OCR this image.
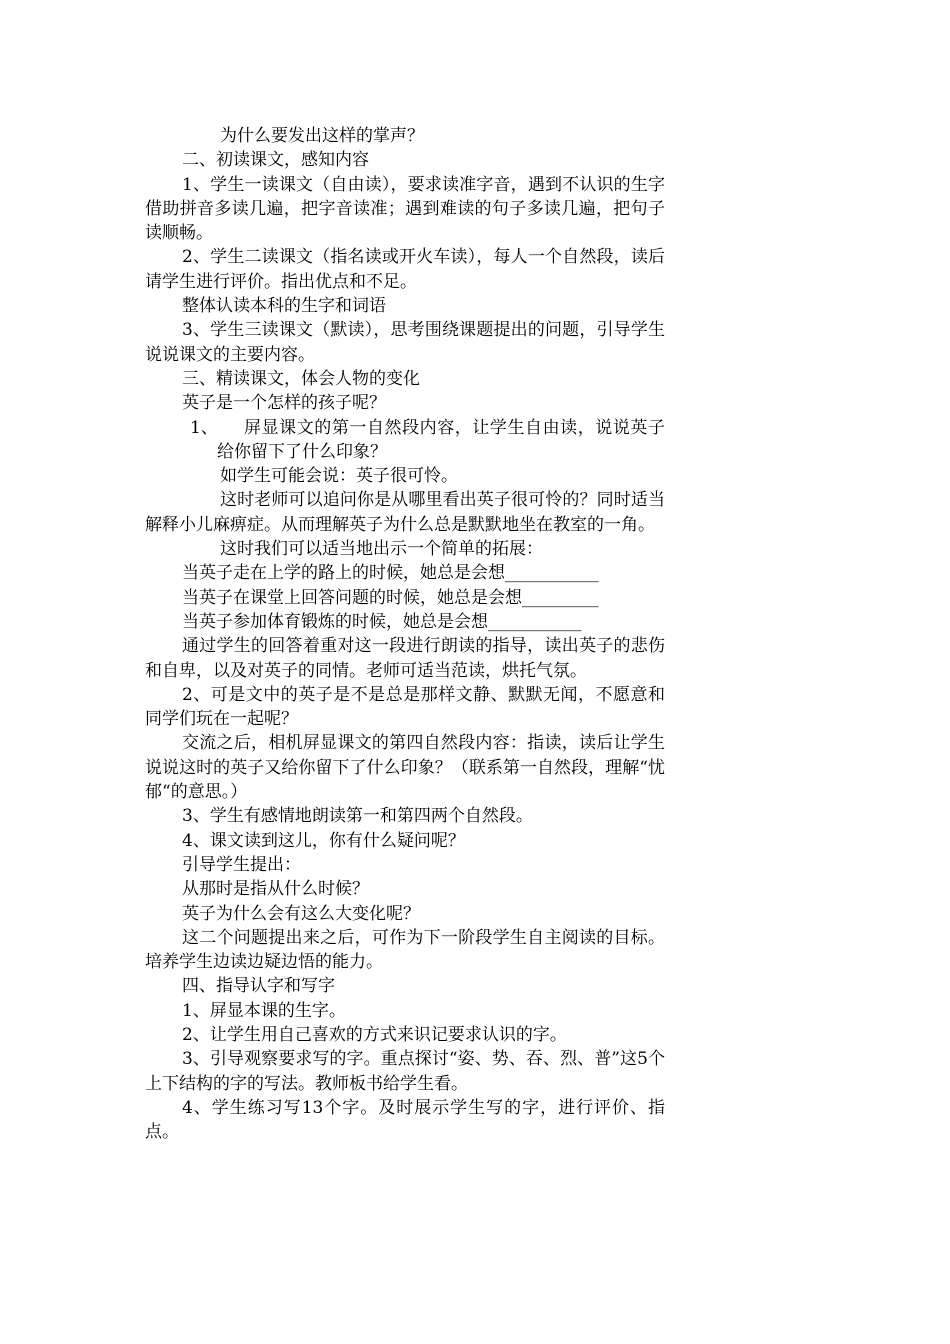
为什么要发出这样的掌声？

二、初读课文，感知内容

1、学生一读课文（自由读），要求读准字音，遇到不认识的生字借助拼音多读几遍，把字音读准；遇到难读的句子多读几遍，把句子读顺畅。

2、学生二读课文（指名读或开火车读），每人一个自然段，读后请学生进行评价。指出优点和不足。

整体认读本科的生字和词语

3、学生三读课文（默读），思考围绕课题提出的问题，引导学生说说课文的主要内容。

三、精读课文，体会人物的变化

英子是一个怎样的孩子呢？

1、	屏显课文的第一自然段内容，让学生自由读，说说英子给你留下了什么印象？

如学生可能会说：英子很可怜。

这时老师可以追问你是从哪里看出英子很可怜的？同时适当解释小儿麻痹症。从而理解英子为什么总是默默地坐在教室的一角。

这时我们可以适当地出示一个简单的拓展：

当英子走在上学的路上的时候，她总是会想___________

当英子在课堂上回答问题的时候，她总是会想_________

当英子参加体育锻炼的时候，她总是会想___________

通过学生的回答着重对这一段进行朗读的指导，读出英子的悲伤和自卑，以及对英子的同情。老师可适当范读，烘托气氛。

2、可是文中的英子是不是总是那样文静、默默无闻，不愿意和同学们玩在一起呢？

交流之后，相机屏显课文的第四自然段内容：指读，读后让学生说说这时的英子又给你留下了什么印象？（联系第一自然段，理解“忧郁“的意思。）

3、学生有感情地朗读第一和第四两个自然段。

4、课文读到这儿，你有什么疑问呢？

引导学生提出：

从那时是指从什么时候？

英子为什么会有这么大变化呢？

这二个问题提出来之后，可作为下一阶段学生自主阅读的目标。培养学生边读边疑边悟的能力。

四、指导认字和写字

1、屏显本课的生字。

2、让学生用自己喜欢的方式来识记要求认识的字。

3、引导观察要求写的字。重点探讨“姿、势、吞、烈、普”这5个上下结构的字的写法。教师板书给学生看。

4、学生练习写13个字。及时展示学生写的字，进行评价、指点。
